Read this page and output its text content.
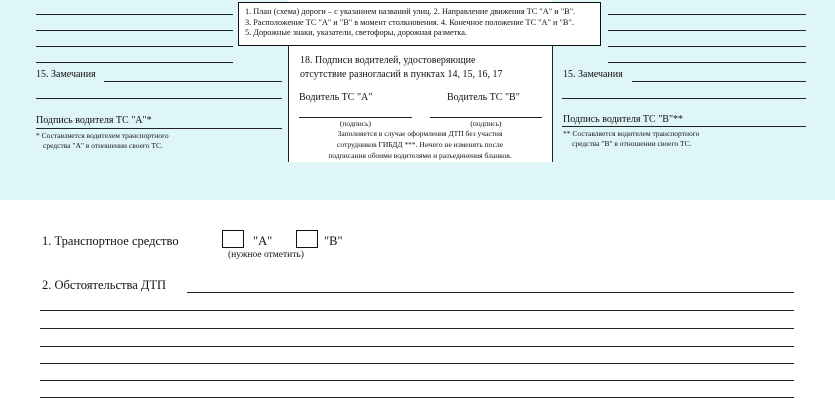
1. План (схема) дороги – с указанием названий улиц. 2. Направление движения ТС "А" и "В".
3. Расположение ТС "А" и "В" в момент столкновения. 4. Конечное положение ТС "А" и "В".
5. Дорожные знаки, указатели, светофоры, дорожная разметка.
15. Замечания
Подпись водителя ТС "А"*
* Составляется водителем транспортного
средства "А" в отношении своего ТС.
15. Замечания
Подпись водителя ТС "В"**
** Составляется водителем транспортного
средства "В" в отношении своего ТС.
18. Подписи водителей, удостоверяющие
отсутствие разногласий в пунктах 14, 15, 16, 17
Водитель ТС "А"	Водитель ТС "В"
(подпись)	(подпись)
Заполняется в случае оформления ДТП без участия
сотрудников ГИБДД ***. Ничего не изменять после
подписания обоими водителями и разъединения бланков.
1. Транспортное средство	"А"	"В"
(нужное отметить)
2. Обстоятельства ДТП
